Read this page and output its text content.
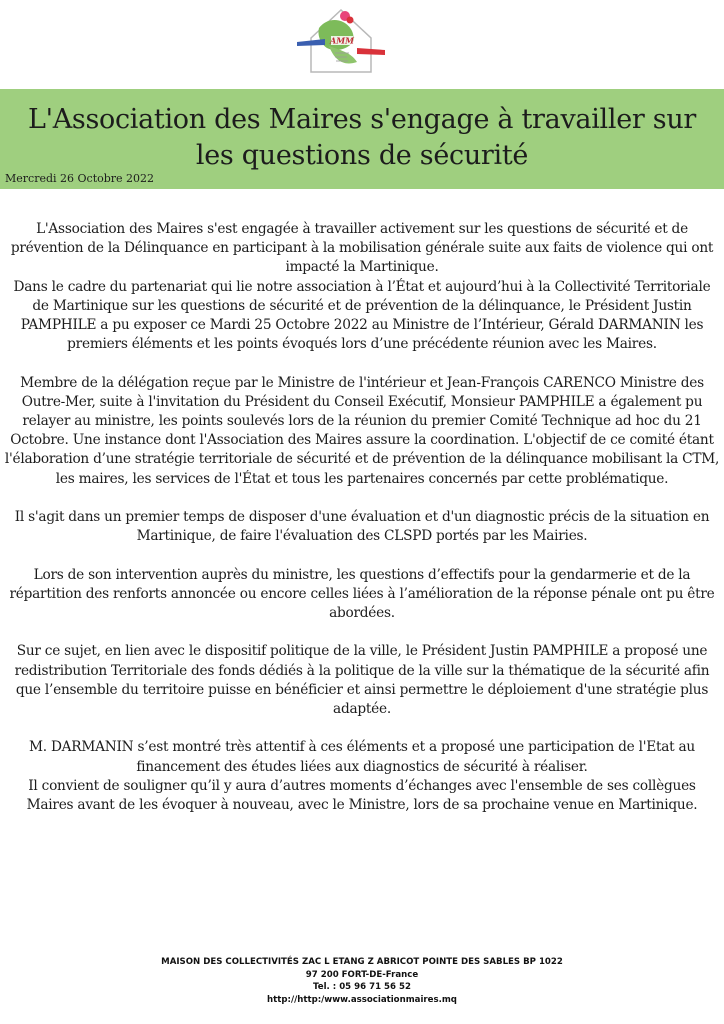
AMM
L'Association des Maires s'engage à travailler sur les questions de sécurité
Mercredi 26 Octobre 2022

L'Association des Maires s'est engagée à travailler activement sur les questions de sécurité et de prévention de la Délinquance en participant à la mobilisation générale suite aux faits de violence qui ont impacté la Martinique.
Dans le cadre du partenariat qui lie notre association à l’État et aujourd’hui à la Collectivité Territoriale de Martinique sur les questions de sécurité et de prévention de la délinquance, le Président Justin PAMPHILE a pu exposer ce Mardi 25 Octobre 2022 au Ministre de l’Intérieur, Gérald DARMANIN les premiers éléments et les points évoqués lors d’une précédente réunion avec les Maires.

Membre de la délégation reçue par le Ministre de l'intérieur et Jean-François CARENCO Ministre des Outre-Mer, suite à l'invitation du Président du Conseil Exécutif, Monsieur PAMPHILE a également pu relayer au ministre, les points soulevés lors de la réunion du premier Comité Technique ad hoc du 21 Octobre. Une instance dont l'Association des Maires assure la coordination. L'objectif de ce comité étant l'élaboration d’une stratégie territoriale de sécurité et de prévention de la délinquance mobilisant la CTM, les maires, les services de l'État et tous les partenaires concernés par cette problématique.

Il s'agit dans un premier temps de disposer d'une évaluation et d'un diagnostic précis de la situation en Martinique, de faire l'évaluation des CLSPD portés par les Mairies.

Lors de son intervention auprès du ministre, les questions d’effectifs pour la gendarmerie et de la répartition des renforts annoncée ou encore celles liées à l’amélioration de la réponse pénale ont pu être abordées.

Sur ce sujet, en lien avec le dispositif politique de la ville, le Président Justin PAMPHILE a proposé une redistribution Territoriale des fonds dédiés à la politique de la ville sur la thématique de la sécurité afin que l’ensemble du territoire puisse en bénéficier et ainsi permettre le déploiement d'une stratégie plus adaptée.

M. DARMANIN s’est montré très attentif à ces éléments et a proposé une participation de l'Etat au financement des études liées aux diagnostics de sécurité à réaliser.
Il convient de souligner qu’il y aura d’autres moments d’échanges avec l'ensemble de ses collègues Maires avant de les évoquer à nouveau, avec le Ministre, lors de sa prochaine venue en Martinique.

MAISON DES COLLECTIVITÉS ZAC L ETANG Z ABRICOT POINTE DES SABLES BP 1022
97 200 FORT-DE-France
Tel. : 05 96 71 56 52
http://http:/www.associationmaires.mq
